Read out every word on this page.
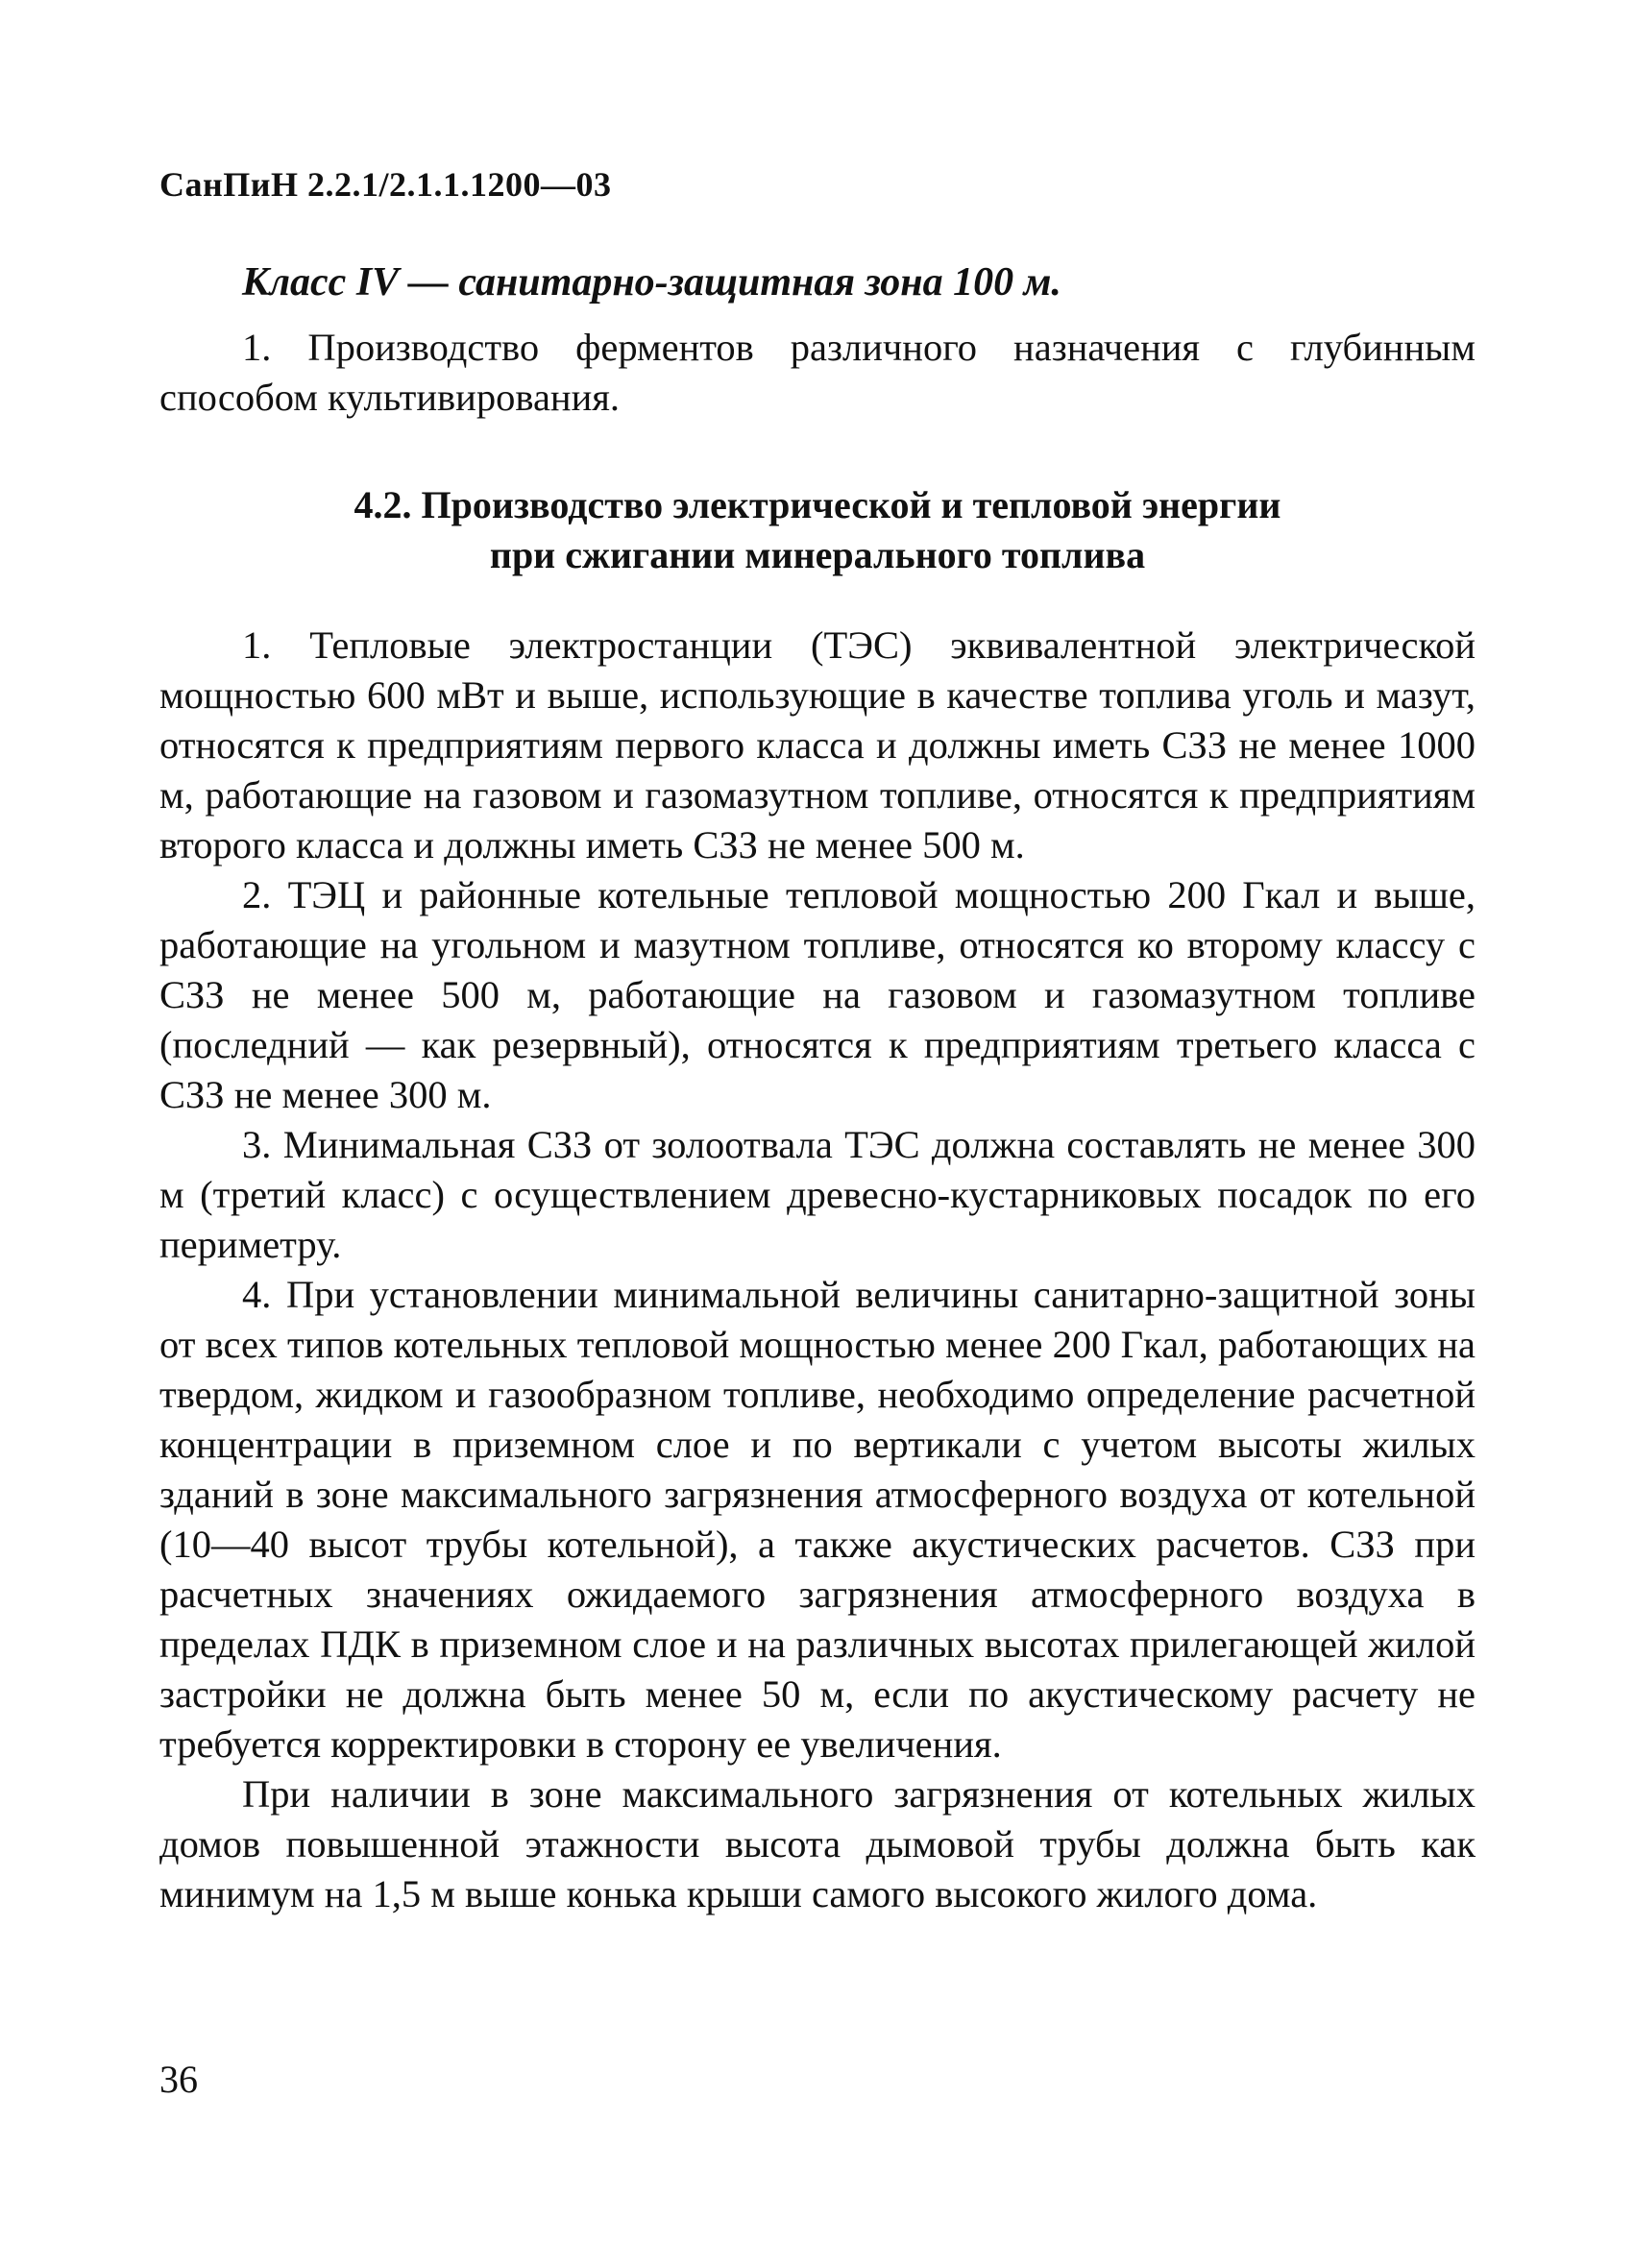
СанПиН 2.2.1/2.1.1.1200—03
Класс IV — санитарно-защитная зона 100 м.

1. Производство ферментов различного назначения с глубинным способом культивирования.

4.2. Производство электрической и тепловой энергии
при сжигании минерального топлива

1. Тепловые электростанции (ТЭС) эквивалентной электрической мощностью 600 мВт и выше, использующие в качестве топлива уголь и мазут, относятся к предприятиям первого класса и должны иметь СЗЗ не менее 1000 м, работающие на газовом и газомазутном топливе, относятся к предприятиям второго класса и должны иметь СЗЗ не менее 500 м.

2. ТЭЦ и районные котельные тепловой мощностью 200 Гкал и выше, работающие на угольном и мазутном топливе, относятся ко второму классу с СЗЗ не менее 500 м, работающие на газовом и газомазутном топливе (последний — как резервный), относятся к предприятиям третьего класса с СЗЗ не менее 300 м.

3. Минимальная СЗЗ от золоотвала ТЭС должна составлять не менее 300 м (третий класс) с осуществлением древесно-кустарниковых посадок по его периметру.

4. При установлении минимальной величины санитарно-защитной зоны от всех типов котельных тепловой мощностью менее 200 Гкал, работающих на твердом, жидком и газообразном топливе, необходимо определение расчетной концентрации в приземном слое и по вертикали с учетом высоты жилых зданий в зоне максимального загрязнения атмосферного воздуха от котельной (10—40 высот трубы котельной), а также акустических расчетов. СЗЗ при расчетных значениях ожидаемого загрязнения атмосферного воздуха в пределах ПДК в приземном слое и на различных высотах прилегающей жилой застройки не должна быть менее 50 м, если по акустическому расчету не требуется корректировки в сторону ее увеличения.

При наличии в зоне максимального загрязнения от котельных жилых домов повышенной этажности высота дымовой трубы должна быть как минимум на 1,5 м выше конька крыши самого высокого жилого дома.

36
